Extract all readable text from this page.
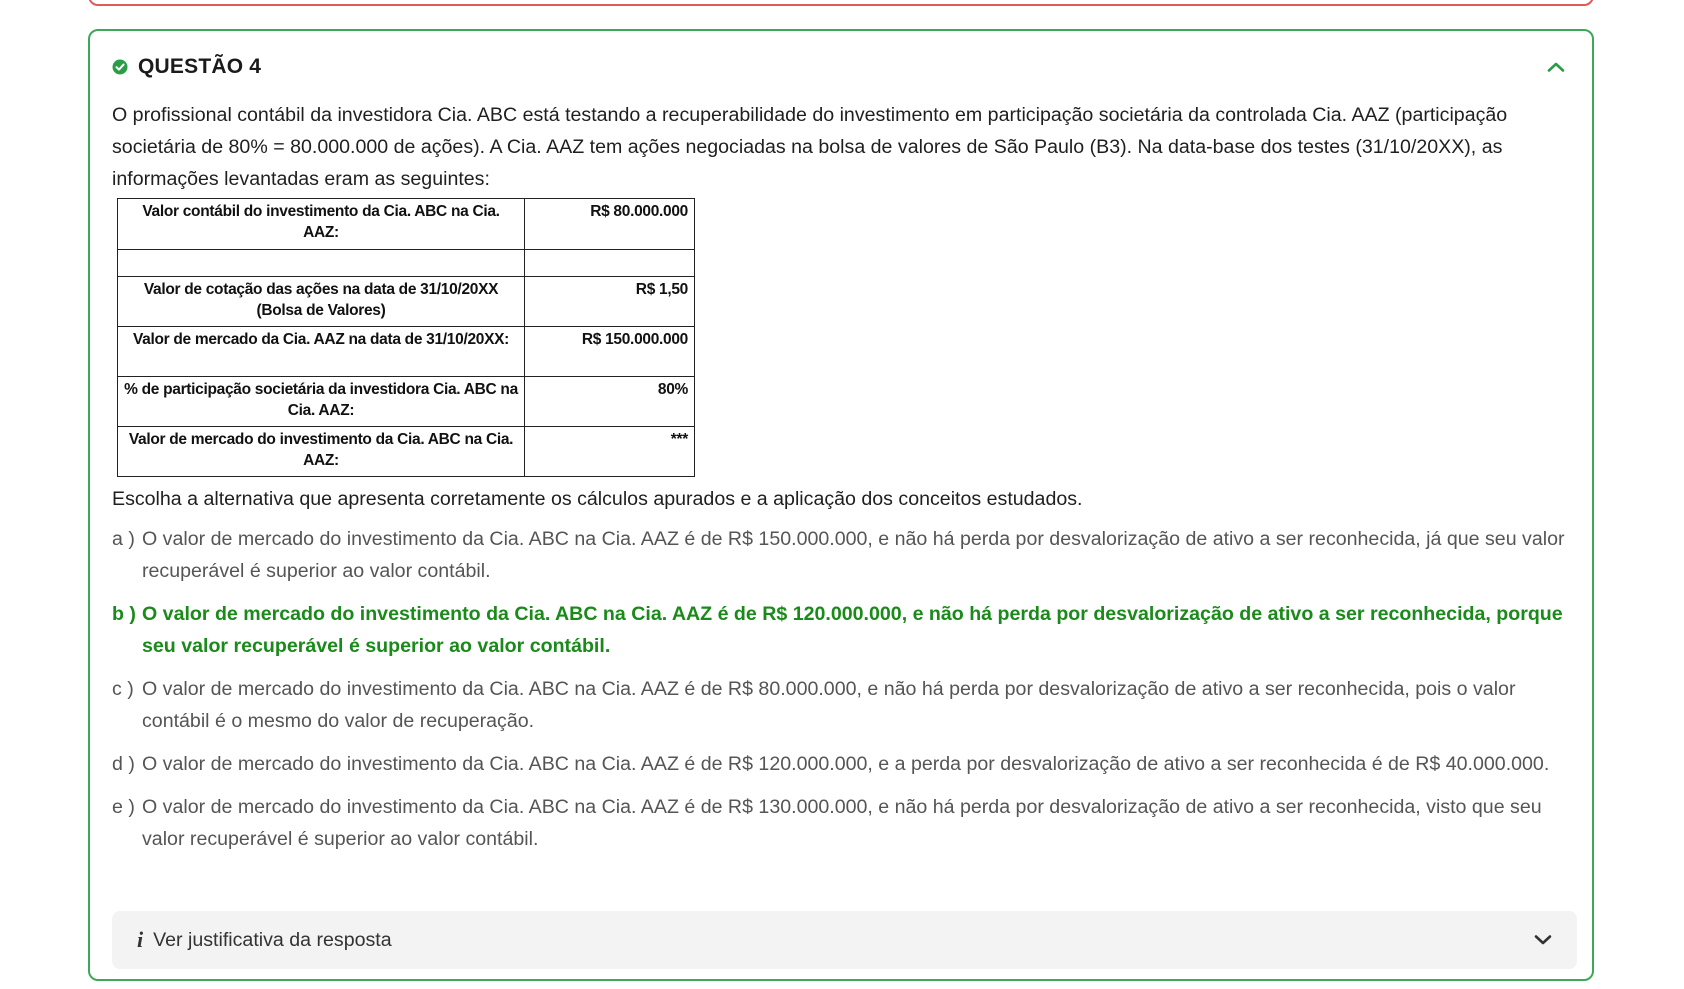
QUESTÃO 4

O profissional contábil da investidora Cia. ABC está testando a recuperabilidade do investimento em participação societária da controlada Cia. AAZ (participação societária de 80% = 80.000.000 de ações). A Cia. AAZ tem ações negociadas na bolsa de valores de São Paulo (B3). Na data-base dos testes (31/10/20XX), as informações levantadas eram as seguintes:

Valor contábil do investimento da Cia. ABC na Cia. AAZ:	R$ 80.000.000

Valor de cotação das ações na data de 31/10/20XX (Bolsa de Valores)	R$ 1,50
Valor de mercado da Cia. AAZ na data de 31/10/20XX:	R$ 150.000.000
% de participação societária da investidora Cia. ABC na Cia. AAZ:	80%
Valor de mercado do investimento da Cia. ABC na Cia. AAZ:	***

Escolha a alternativa que apresenta corretamente os cálculos apurados e a aplicação dos conceitos estudados.

a ) O valor de mercado do investimento da Cia. ABC na Cia. AAZ é de R$ 150.000.000, e não há perda por desvalorização de ativo a ser reconhecida, já que seu valor recuperável é superior ao valor contábil.
b ) O valor de mercado do investimento da Cia. ABC na Cia. AAZ é de R$ 120.000.000, e não há perda por desvalorização de ativo a ser reconhecida, porque seu valor recuperável é superior ao valor contábil.
c ) O valor de mercado do investimento da Cia. ABC na Cia. AAZ é de R$ 80.000.000, e não há perda por desvalorização de ativo a ser reconhecida, pois o valor contábil é o mesmo do valor de recuperação.
d ) O valor de mercado do investimento da Cia. ABC na Cia. AAZ é de R$ 120.000.000, e a perda por desvalorização de ativo a ser reconhecida é de R$ 40.000.000.
e ) O valor de mercado do investimento da Cia. ABC na Cia. AAZ é de R$ 130.000.000, e não há perda por desvalorização de ativo a ser reconhecida, visto que seu valor recuperável é superior ao valor contábil.
i Ver justificativa da resposta
